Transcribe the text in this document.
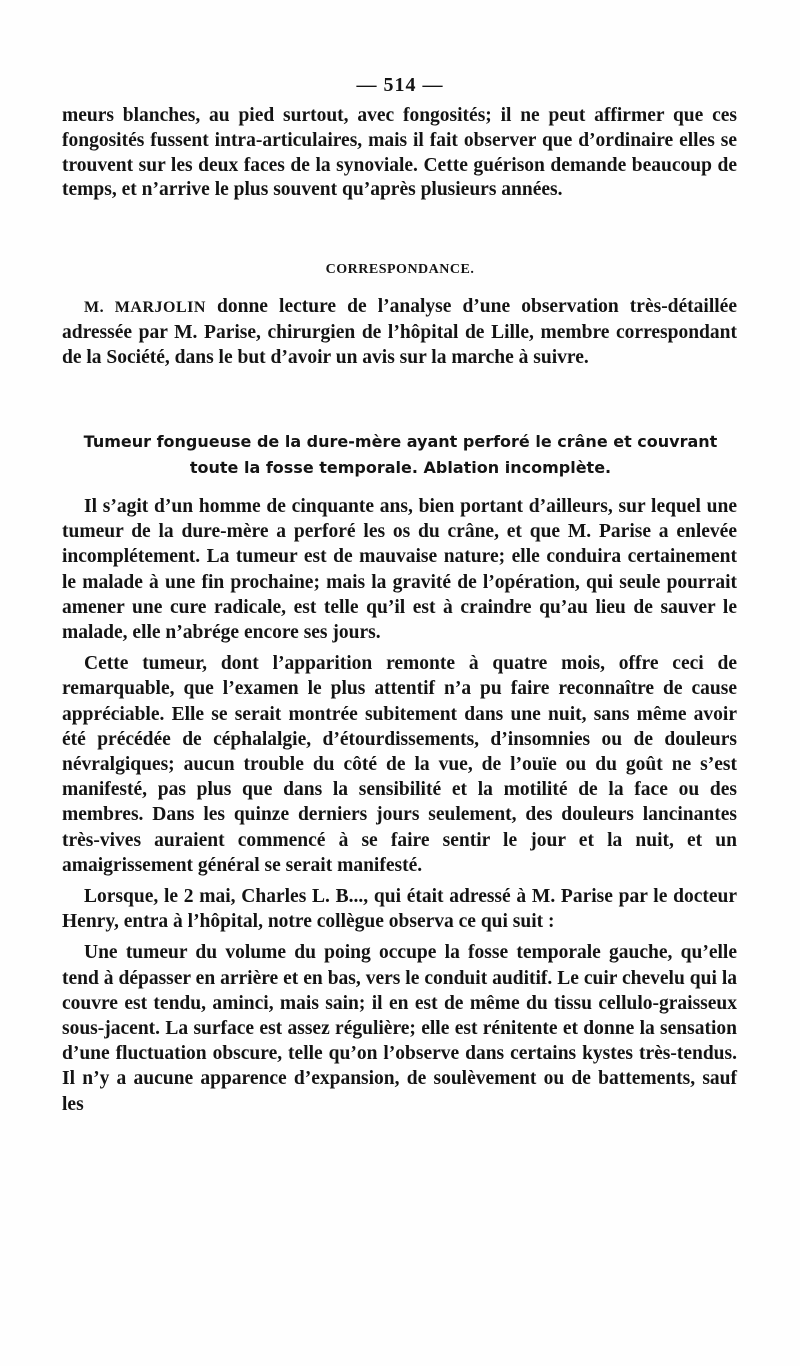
— 514 —

meurs blanches, au pied surtout, avec fongosités; il ne peut affirmer que ces fongosités fussent intra-articulaires, mais il fait observer que d’ordinaire elles se trouvent sur les deux faces de la synoviale. Cette guérison demande beaucoup de temps, et n’arrive le plus souvent qu’après plusieurs années.

CORRESPONDANCE.
M. MARJOLIN donne lecture de l’analyse d’une observation très-détaillée adressée par M. Parise, chirurgien de l’hôpital de Lille, membre correspondant de la Société, dans le but d’avoir un avis sur la marche à suivre.
Tumeur fongueuse de la dure-mère ayant perforé le crâne et couvrant toute la fosse temporale. Ablation incomplète.

Il s’agit d’un homme de cinquante ans, bien portant d’ailleurs, sur lequel une tumeur de la dure-mère a perforé les os du crâne, et que M. Parise a enlevée incomplétement. La tumeur est de mauvaise nature; elle conduira certainement le malade à une fin prochaine; mais la gravité de l’opération, qui seule pourrait amener une cure radicale, est telle qu’il est à craindre qu’au lieu de sauver le malade, elle n’abrége encore ses jours.

Cette tumeur, dont l’apparition remonte à quatre mois, offre ceci de remarquable, que l’examen le plus attentif n’a pu faire reconnaître de cause appréciable. Elle se serait montrée subitement dans une nuit, sans même avoir été précédée de céphalalgie, d’étourdissements, d’insomnies ou de douleurs névralgiques; aucun trouble du côté de la vue, de l’ouïe ou du goût ne s’est manifesté, pas plus que dans la sensibilité et la motilité de la face ou des membres. Dans les quinze derniers jours seulement, des douleurs lancinantes très-vives auraient commencé à se faire sentir le jour et la nuit, et un amaigrissement général se serait manifesté.

Lorsque, le 2 mai, Charles L. B..., qui était adressé à M. Parise par le docteur Henry, entra à l’hôpital, notre collègue observa ce qui suit :

Une tumeur du volume du poing occupe la fosse temporale gauche, qu’elle tend à dépasser en arrière et en bas, vers le conduit auditif. Le cuir chevelu qui la couvre est tendu, aminci, mais sain; il en est de même du tissu cellulo-graisseux sous-jacent. La surface est assez régulière; elle est rénitente et donne la sensation d’une fluctuation obscure, telle qu’on l’observe dans certains kystes très-tendus. Il n’y a aucune apparence d’expansion, de soulèvement ou de battements, sauf les
